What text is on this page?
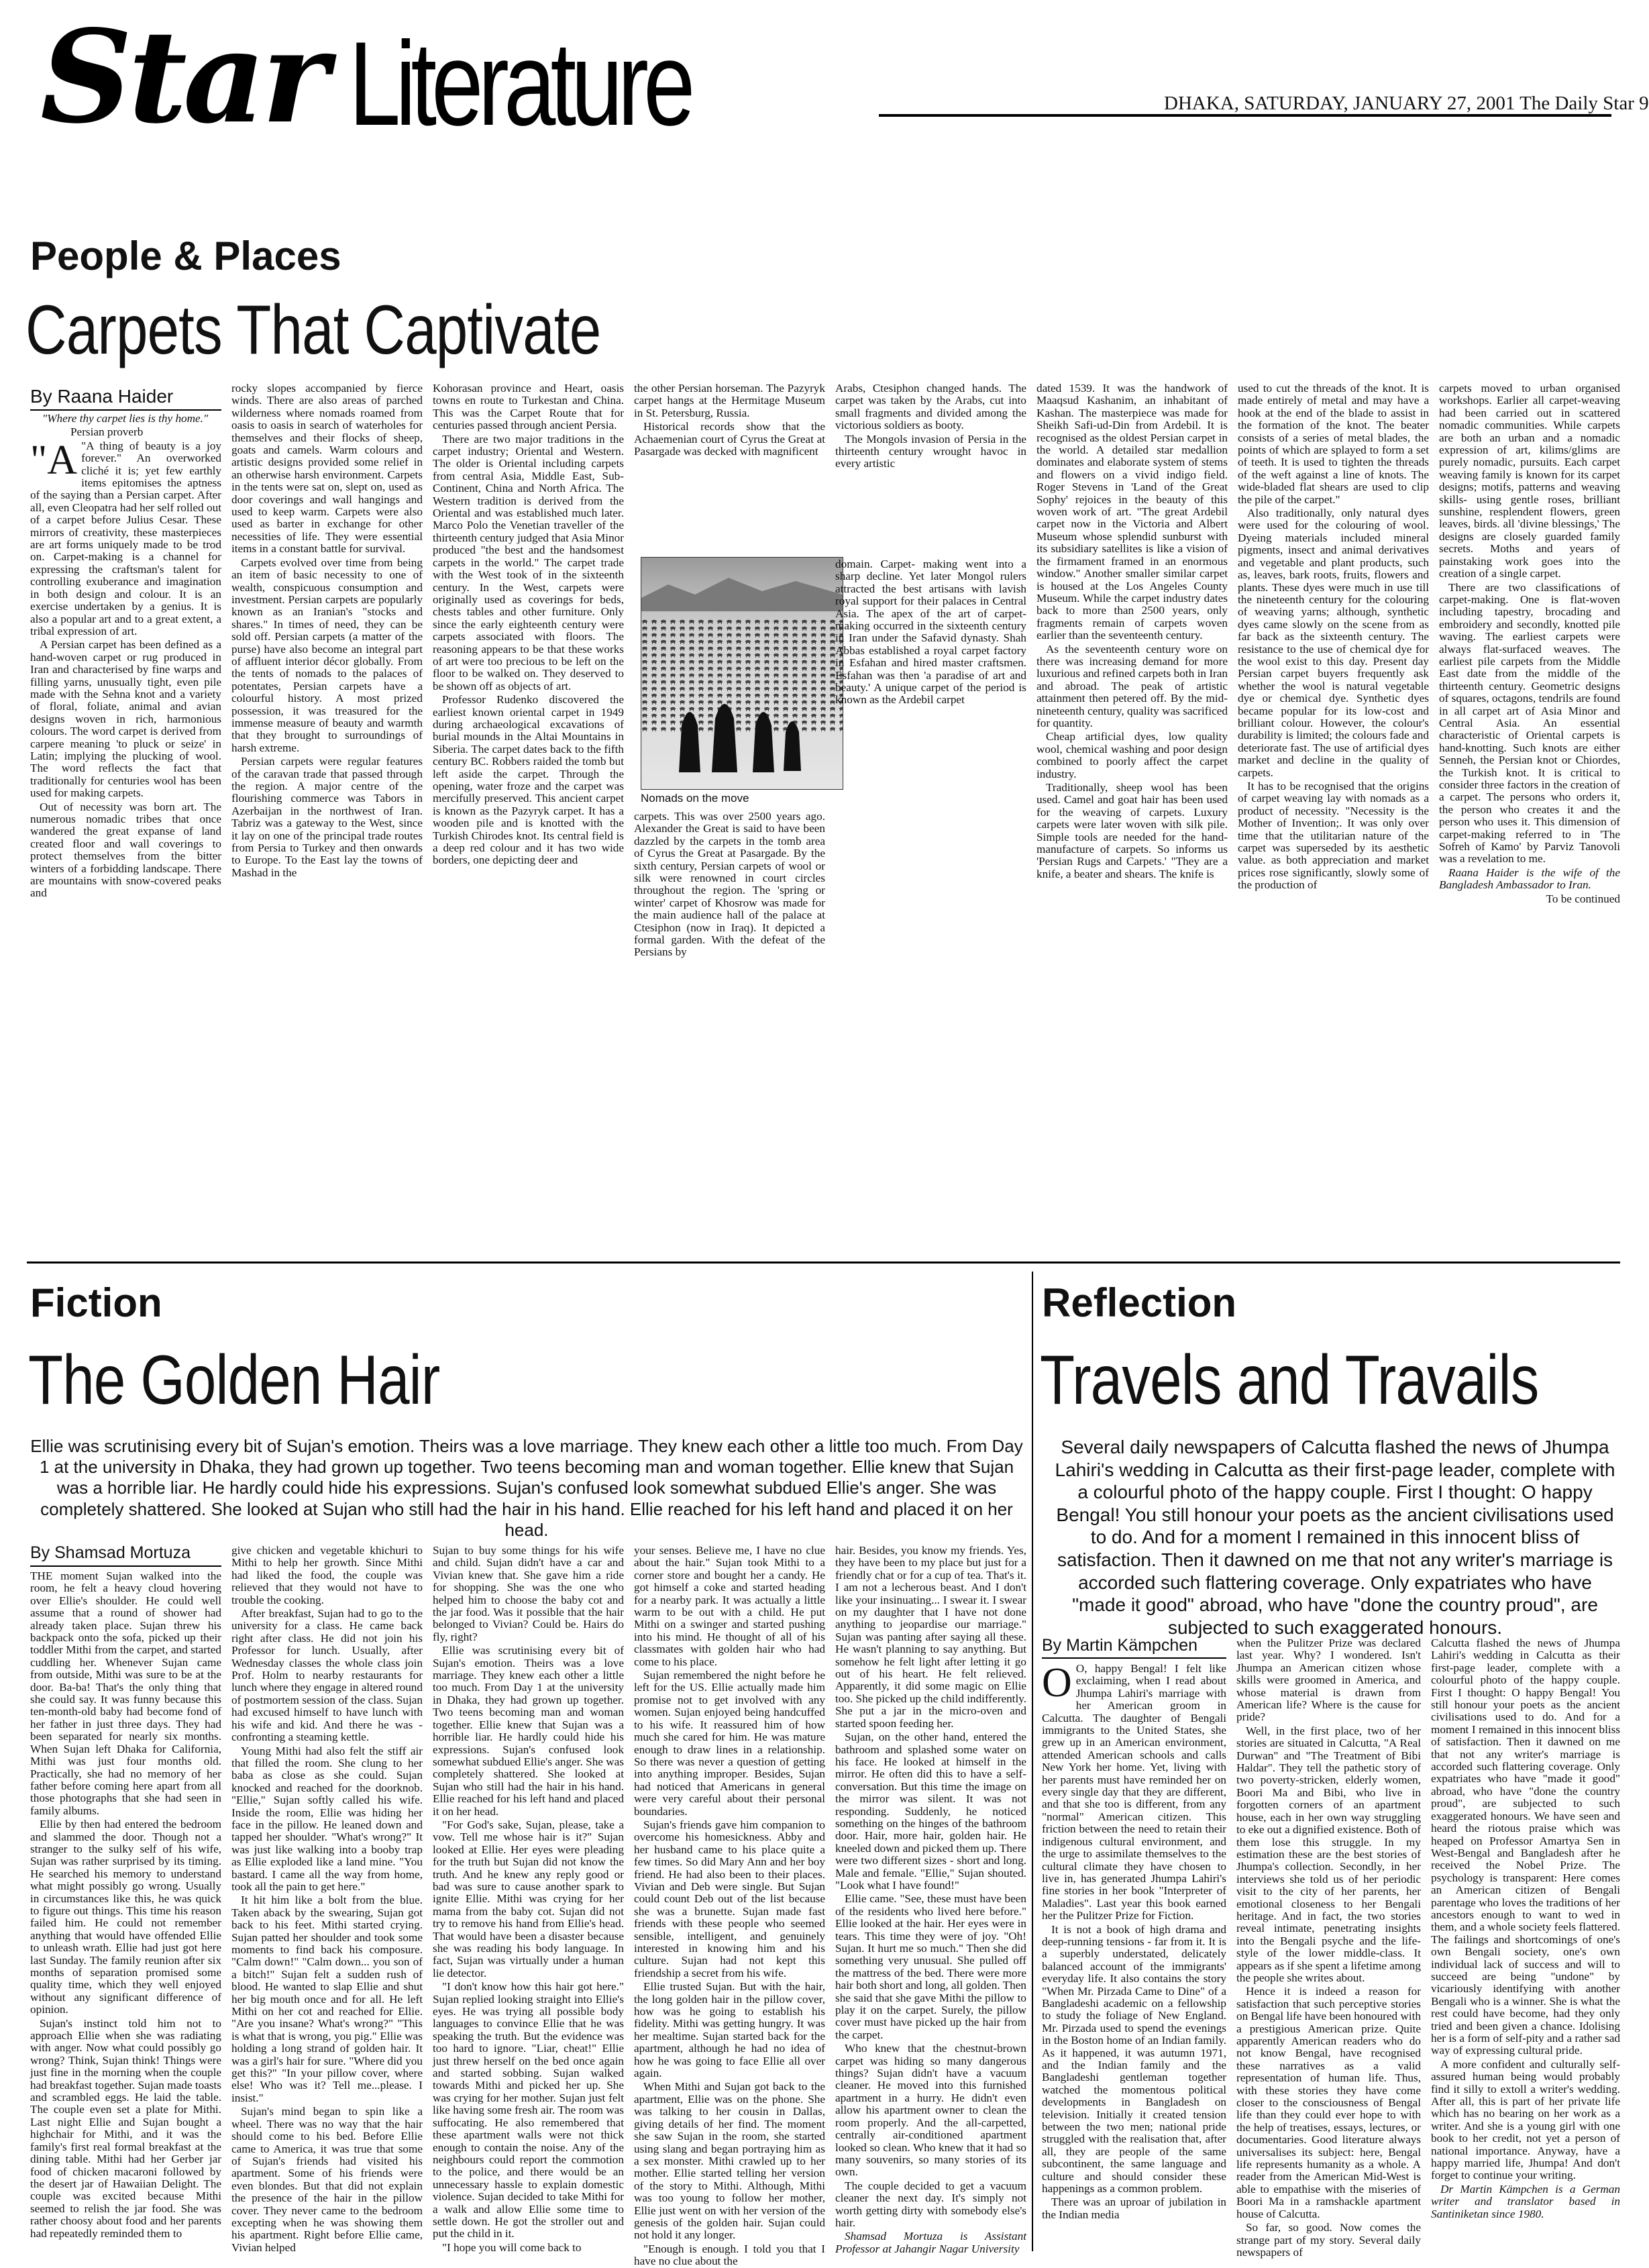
Star Literature	DHAKA, SATURDAY, JANUARY 27, 2001 The Daily Star 9
People & Places
Carpets That Captivate
By Raana Haider

"Where thy carpet lies is thy home."

Persian proverb

"A "A thing of beauty is a joy forever." An overworked cliché it is; yet few earthly items epitomises the aptness of the saying than a Persian carpet. After all, even Cleopatra had her self rolled out of a carpet before Julius Cesar. These mirrors of creativity, these masterpieces are art forms uniquely made to be trod on. Carpet-making is a channel for expressing the craftsman's talent for controlling exuberance and imagination in both design and colour. It is an exercise undertaken by a genius. It is also a popular art and to a great extent, a tribal expression of art.

A Persian carpet has been defined as a hand-woven carpet or rug produced in Iran and characterised by fine warps and filling yarns, unusually tight, even pile made with the Sehna knot and a variety of floral, foliate, animal and avian designs woven in rich, harmonious colours. The word carpet is derived from carpere meaning 'to pluck or seize' in Latin; implying the plucking of wool. The word reflects the fact that traditionally for centuries wool has been used for making carpets.

Out of necessity was born art. The numerous nomadic tribes that once wandered the great expanse of land created floor and wall coverings to protect themselves from the bitter winters of a forbidding landscape. There are mountains with snow-covered peaks and

rocky slopes accompanied by fierce winds. There are also areas of parched wilderness where nomads roamed from oasis to oasis in search of waterholes for themselves and their flocks of sheep, goats and camels. Warm colours and artistic designs provided some relief in an otherwise harsh environment. Carpets in the tents were sat on, slept on, used as door coverings and wall hangings and used to keep warm. Carpets were also used as barter in exchange for other necessities of life. They were essential items in a constant battle for survival.

Carpets evolved over time from being an item of basic necessity to one of wealth, conspicuous consumption and investment. Persian carpets are popularly known as an Iranian's "stocks and shares." In times of need, they can be sold off. Persian carpets (a matter of the purse) have also become an integral part of affluent interior décor globally. From the tents of nomads to the palaces of potentates, Persian carpets have a colourful history. A most prized possession, it was treasured for the immense measure of beauty and warmth that they brought to surroundings of harsh extreme.

Persian carpets were regular features of the caravan trade that passed through the region. A major centre of the flourishing commerce was Tabors in Azerbaijan in the northwest of Iran. Tabriz was a gateway to the West, since it lay on one of the principal trade routes from Persia to Turkey and then onwards to Europe. To the East lay the towns of Mashad in the

Kohorasan province and Heart, oasis towns en route to Turkestan and China. This was the Carpet Route that for centuries passed through ancient Persia.

There are two major traditions in the carpet industry; Oriental and Western. The older is Oriental including carpets from central Asia, Middle East, Sub-Continent, China and North Africa. The Western tradition is derived from the Oriental and was established much later. Marco Polo the Venetian traveller of the thirteenth century judged that Asia Minor produced "the best and the handsomest carpets in the world." The carpet trade with the West took of in the sixteenth century. In the West, carpets were originally used as coverings for beds, chests tables and other furniture. Only since the early eighteenth century were carpets associated with floors. The reasoning appears to be that these works of art were too precious to be left on the floor to be walked on. They deserved to be shown off as objects of art.

Professor Rudenko discovered the earliest known oriental carpet in 1949 during archaeological excavations of burial mounds in the Altai Mountains in Siberia. The carpet dates back to the fifth century BC. Robbers raided the tomb but left aside the carpet. Through the opening, water froze and the carpet was mercifully preserved. This ancient carpet is known as the Pazyryk carpet. It has a wooden pile and is knotted with the Turkish Chirodes knot. Its central field is a deep red colour and it has two wide borders, one depicting deer and

the other Persian horseman. The Pazyryk carpet hangs at the Hermitage Museum in St. Petersburg, Russia.

Historical records show that the Achaemenian court of Cyrus the Great at Pasargade was decked with magnificent

Arabs, Ctesiphon changed hands. The carpet was taken by the Arabs, cut into small fragments and divided among the victorious soldiers as booty.

The Mongols invasion of Persia in the thirteenth century wrought havoc in every artistic

Nomads on the move

carpets. This was over 2500 years ago. Alexander the Great is said to have been dazzled by the carpets in the tomb area of Cyrus the Great at Pasargade. By the sixth century, Persian carpets of wool or silk were renowned in court circles throughout the region. The 'spring or winter' carpet of Khosrow was made for the main audience hall of the palace at Ctesiphon (now in Iraq). It depicted a formal garden. With the defeat of the Persians by

domain. Carpet- making went into a sharp decline. Yet later Mongol rulers attracted the best artisans with lavish royal support for their palaces in Central Asia. The apex of the art of carpet-making occurred in the sixteenth century in Iran under the Safavid dynasty. Shah Abbas established a royal carpet factory in Esfahan and hired master craftsmen. Esfahan was then 'a paradise of art and beauty.' A unique carpet of the period is known as the Ardebil carpet

dated 1539. It was the handwork of Maaqsud Kashanim, an inhabitant of Kashan. The masterpiece was made for Sheikh Safi-ud-Din from Ardebil. It is recognised as the oldest Persian carpet in the world. A detailed star medallion dominates and elaborate system of stems and flowers on a vivid indigo field. Roger Stevens in 'Land of the Great Sophy' rejoices in the beauty of this woven work of art. "The great Ardebil carpet now in the Victoria and Albert Museum whose splendid sunburst with its subsidiary satellites is like a vision of the firmament framed in an enormous window." Another smaller similar carpet is housed at the Los Angeles County Museum. While the carpet industry dates back to more than 2500 years, only fragments remain of carpets woven earlier than the seventeenth century.

As the seventeenth century wore on there was increasing demand for more luxurious and refined carpets both in Iran and abroad. The peak of artistic attainment then petered off. By the mid-nineteenth century, quality was sacrificed for quantity.

Cheap artificial dyes, low quality wool, chemical washing and poor design combined to poorly affect the carpet industry.

Traditionally, sheep wool has been used. Camel and goat hair has been used for the weaving of carpets. Luxury carpets were later woven with silk pile. Simple tools are needed for the hand-manufacture of carpets. So informs us 'Persian Rugs and Carpets.' "They are a knife, a beater and shears. The knife is

used to cut the threads of the knot. It is made entirely of metal and may have a hook at the end of the blade to assist in the formation of the knot. The beater consists of a series of metal blades, the points of which are splayed to form a set of teeth. It is used to tighten the threads of the weft against a line of knots. The wide-bladed flat shears are used to clip the pile of the carpet."

Also traditionally, only natural dyes were used for the colouring of wool. Dyeing materials included mineral pigments, insect and animal derivatives and vegetable and plant products, such as, leaves, bark roots, fruits, flowers and plants. These dyes were much in use till the nineteenth century for the colouring of weaving yarns; although, synthetic dyes came slowly on the scene from as far back as the sixteenth century. The resistance to the use of chemical dye for the wool exist to this day. Present day Persian carpet buyers frequently ask whether the wool is natural vegetable dye or chemical dye. Synthetic dyes became popular for its low-cost and brilliant colour. However, the colour's durability is limited; the colours fade and deteriorate fast. The use of artificial dyes market and decline in the quality of carpets.

It has to be recognised that the origins of carpet weaving lay with nomads as a product of necessity. "Necessity is the Mother of Invention;. It was only over time that the utilitarian nature of the carpet was superseded by its aesthetic value. as both appreciation and market prices rose significantly, slowly some of the production of

carpets moved to urban organised workshops. Earlier all carpet-weaving had been carried out in scattered nomadic communities. While carpets are both an urban and a nomadic expression of art, kilims/glims are purely nomadic, pursuits. Each carpet weaving family is known for its carpet designs; motifs, patterns and weaving skills- using gentle roses, brilliant sunshine, resplendent flowers, green leaves, birds. all 'divine blessings,' The designs are closely guarded family secrets. Moths and years of painstaking work goes into the creation of a single carpet.

There are two classifications of carpet-making. One is flat-woven including tapestry, brocading and embroidery and secondly, knotted pile waving. The earliest carpets were always flat-surfaced weaves. The earliest pile carpets from the Middle East date from the middle of the thirteenth century. Geometric designs of squares, octagons, tendrils are found in all carpet art of Asia Minor and Central Asia. An essential characteristic of Oriental carpets is hand-knotting. Such knots are either Senneh, the Persian knot or Chiordes, the Turkish knot. It is critical to consider three factors in the creation of a carpet. The persons who orders it, the person who creates it and the person who uses it. This dimension of carpet-making referred to in 'The Sofreh of Kamo' by Parviz Tanovoli was a revelation to me.

Raana Haider is the wife of the Bangladesh Ambassador to Iran.

To be continued

Fiction
The Golden Hair
Ellie was scrutinising every bit of Sujan's emotion. Theirs was a love marriage. They knew each other a little too much. From Day 1 at the university in Dhaka, they had grown up together. Two teens becoming man and woman together. Ellie knew that Sujan was a horrible liar. He hardly could hide his expressions. Sujan's confused look somewhat subdued Ellie's anger. She was completely shattered. She looked at Sujan who still had the hair in his hand. Ellie reached for his left hand and placed it on her head.
By Shamsad Mortuza

THE moment Sujan walked into the room, he felt a heavy cloud hovering over Ellie's shoulder. He could well assume that a round of shower had already taken place. Sujan threw his backpack onto the sofa, picked up their toddler Mithi from the carpet, and started cuddling her. Whenever Sujan came from outside, Mithi was sure to be at the door. Ba-ba! That's the only thing that she could say. It was funny because this ten-month-old baby had become fond of her father in just three days. They had been separated for nearly six months. When Sujan left Dhaka for California, Mithi was just four months old. Practically, she had no memory of her father before coming here apart from all those photographs that she had seen in family albums.

Ellie by then had entered the bedroom and slammed the door. Though not a stranger to the sulky self of his wife, Sujan was rather surprised by its timing. He searched his memory to understand what might possibly go wrong. Usually in circumstances like this, he was quick to figure out things. This time his reason failed him. He could not remember anything that would have offended Ellie to unleash wrath. Ellie had just got here last Sunday. The family reunion after six months of separation promised some quality time, which they well enjoyed without any significant difference of opinion.

Sujan's instinct told him not to approach Ellie when she was radiating with anger. Now what could possibly go wrong? Think, Sujan think! Things were just fine in the morning when the couple had breakfast together. Sujan made toasts and scrambled eggs. He laid the table. The couple even set a plate for Mithi. Last night Ellie and Sujan bought a highchair for Mithi, and it was the family's first real formal breakfast at the dining table. Mithi had her Gerber jar food of chicken macaroni followed by the desert jar of Hawaiian Delight. The couple was excited because Mithi seemed to relish the jar food. She was rather choosy about food and her parents had repeatedly reminded them to

give chicken and vegetable khichuri to Mithi to help her growth. Since Mithi had liked the food, the couple was relieved that they would not have to trouble the cooking.

After breakfast, Sujan had to go to the university for a class. He came back right after class. He did not join his Professor for lunch. Usually, after Wednesday classes the whole class join Prof. Holm to nearby restaurants for lunch where they engage in altered round of postmortem session of the class. Sujan had excused himself to have lunch with his wife and kid. And there he was - confronting a steaming kettle.

Young Mithi had also felt the stiff air that filled the room. She clung to her baba as close as she could. Sujan knocked and reached for the doorknob. "Ellie," Sujan softly called his wife. Inside the room, Ellie was hiding her face in the pillow. He leaned down and tapped her shoulder. "What's wrong?" It was just like walking into a booby trap as Ellie exploded like a land mine. "You bastard. I came all the way from home, took all the pain to get here."

It hit him like a bolt from the blue. Taken aback by the swearing, Sujan got back to his feet. Mithi started crying. Sujan patted her shoulder and took some moments to find back his composure. "Calm down!" "Calm down... you son of a bitch!" Sujan felt a sudden rush of blood. He wanted to slap Ellie and shut her big mouth once and for all. He left Mithi on her cot and reached for Ellie. "Are you insane? What's wrong?" "This is what that is wrong, you pig." Ellie was holding a long strand of golden hair. It was a girl's hair for sure. "Where did you get this?" "In your pillow cover, where else! Who was it? Tell me...please. I insist."

Sujan's mind began to spin like a wheel. There was no way that the hair should come to his bed. Before Ellie came to America, it was true that some of Sujan's friends had visited his apartment. Some of his friends were even blondes. But that did not explain the presence of the hair in the pillow cover. They never came to the bedroom excepting when he was showing them his apartment. Right before Ellie came, Vivian helped

Sujan to buy some things for his wife and child. Sujan didn't have a car and Vivian knew that. She gave him a ride for shopping. She was the one who helped him to choose the baby cot and the jar food. Was it possible that the hair belonged to Vivian? Could be. Hairs do fly, right?

Ellie was scrutinising every bit of Sujan's emotion. Theirs was a love marriage. They knew each other a little too much. From Day 1 at the university in Dhaka, they had grown up together. Two teens becoming man and woman together. Ellie knew that Sujan was a horrible liar. He hardly could hide his expressions. Sujan's confused look somewhat subdued Ellie's anger. She was completely shattered. She looked at Sujan who still had the hair in his hand. Ellie reached for his left hand and placed it on her head.

"For God's sake, Sujan, please, take a vow. Tell me whose hair is it?" Sujan looked at Ellie. Her eyes were pleading for the truth but Sujan did not know the truth. And he knew any reply good or bad was sure to cause another spark to ignite Ellie. Mithi was crying for her mama from the baby cot. Sujan did not try to remove his hand from Ellie's head. That would have been a disaster because she was reading his body language. In fact, Sujan was virtually under a human lie detector.

"I don't know how this hair got here." Sujan replied looking straight into Ellie's eyes. He was trying all possible body languages to convince Ellie that he was speaking the truth. But the evidence was too hard to ignore. "Liar, cheat!" Ellie just threw herself on the bed once again and started sobbing. Sujan walked towards Mithi and picked her up. She was crying for her mother. Sujan just felt like having some fresh air. The room was suffocating. He also remembered that these apartment walls were not thick enough to contain the noise. Any of the neighbours could report the commotion to the police, and there would be an unnecessary hassle to explain domestic violence. Sujan decided to take Mithi for a walk and allow Ellie some time to settle down. He got the stroller out and put the child in it.

"I hope you will come back to

your senses. Believe me, I have no clue about the hair." Sujan took Mithi to a corner store and bought her a candy. He got himself a coke and started heading for a nearby park. It was actually a little warm to be out with a child. He put Mithi on a swinger and started pushing into his mind. He thought of all of his classmates with golden hair who had come to his place.

Sujan remembered the night before he left for the US. Ellie actually made him promise not to get involved with any women. Sujan enjoyed being handcuffed to his wife. It reassured him of how much she cared for him. He was mature enough to draw lines in a relationship. So there was never a question of getting into anything improper. Besides, Sujan had noticed that Americans in general were very careful about their personal boundaries.

Sujan's friends gave him companion to overcome his homesickness. Abby and her husband came to his place quite a few times. So did Mary Ann and her boy friend. He had also been to their places. Vivian and Deb were single. But Sujan could count Deb out of the list because she was a brunette. Sujan made fast friends with these people who seemed sensible, intelligent, and genuinely interested in knowing him and his culture. Sujan had not kept this friendship a secret from his wife.

Ellie trusted Sujan. But with the hair, the long golden hair in the pillow cover, how was he going to establish his fidelity. Mithi was getting hungry. It was her mealtime. Sujan started back for the apartment, although he had no idea of how he was going to face Ellie all over again.

When Mithi and Sujan got back to the apartment, Ellie was on the phone. She was talking to her cousin in Dallas, giving details of her find. The moment she saw Sujan in the room, she started using slang and began portraying him as a sex monster. Mithi crawled up to her mother. Ellie started telling her version of the story to Mithi. Although, Mithi was too young to follow her mother, Ellie just went on with her version of the genesis of the golden hair. Sujan could not hold it any longer.

"Enough is enough. I told you that I have no clue about the

hair. Besides, you know my friends. Yes, they have been to my place but just for a friendly chat or for a cup of tea. That's it. I am not a lecherous beast. And I don't like your insinuating... I swear it. I swear on my daughter that I have not done anything to jeopardise our marriage." Sujan was panting after saying all these. He wasn't planning to say anything. But somehow he felt light after letting it go out of his heart. He felt relieved. Apparently, it did some magic on Ellie too. She picked up the child indifferently. She put a jar in the micro-oven and started spoon feeding her.

Sujan, on the other hand, entered the bathroom and splashed some water on his face. He looked at himself in the mirror. He often did this to have a self-conversation. But this time the image on the mirror was silent. It was not responding. Suddenly, he noticed something on the hinges of the bathroom door. Hair, more hair, golden hair. He kneeled down and picked them up. There were two different sizes - short and long. Male and female. "Ellie," Sujan shouted. "Look what I have found!"

Ellie came. "See, these must have been of the residents who lived here before." Ellie looked at the hair. Her eyes were in tears. This time they were of joy. "Oh! Sujan. It hurt me so much." Then she did something very unusual. She pulled off the mattress of the bed. There were more hair both short and long, all golden. Then she said that she gave Mithi the pillow to play it on the carpet. Surely, the pillow cover must have picked up the hair from the carpet.

Who knew that the chestnut-brown carpet was hiding so many dangerous things? Sujan didn't have a vacuum cleaner. He moved into this furnished apartment in a hurry. He didn't even allow his apartment owner to clean the room properly. And the all-carpetted, centrally air-conditioned apartment looked so clean. Who knew that it had so many souvenirs, so many stories of its own.

The couple decided to get a vacuum cleaner the next day. It's simply not worth getting dirty with somebody else's hair.

Shamsad Mortuza is Assistant Professor at Jahangir Nagar University

Reflection
Travels and Travails
Several daily newspapers of Calcutta flashed the news of Jhumpa Lahiri's wedding in Calcutta as their first-page leader, complete with a colourful photo of the happy couple. First I thought: O happy Bengal! You still honour your poets as the ancient civilisations used to do. And for a moment I remained in this innocent bliss of satisfaction. Then it dawned on me that not any writer's marriage is accorded such flattering coverage. Only expatriates who have "made it good" abroad, who have "done the country proud", are subjected to such exaggerated honours.
By Martin Kämpchen

O O, happy Bengal! I felt like exclaiming, when I read about Jhumpa Lahiri's marriage with her American groom in Calcutta. The daughter of Bengali immigrants to the United States, she grew up in an American environment, attended American schools and calls New York her home. Yet, living with her parents must have reminded her on every single day that they are different, and that she too is different, from any "normal" American citizen. This friction between the need to retain their indigenous cultural environment, and the urge to assimilate themselves to the cultural climate they have chosen to live in, has generated Jhumpa Lahiri's fine stories in her book "Interpreter of Maladies". Last year this book earned her the Pulitzer Prize for Fiction.

It is not a book of high drama and deep-running tensions - far from it. It is a superbly understated, delicately balanced account of the immigrants' everyday life. It also contains the story "When Mr. Pirzada Came to Dine" of a Bangladeshi academic on a fellowship to study the foliage of New England. Mr. Pirzada used to spend the evenings in the Boston home of an Indian family. As it happened, it was autumn 1971, and the Indian family and the Bangladeshi gentleman together watched the momentous political developments in Bangladesh on television. Initially it created tension between the two men; national pride struggled with the realisation that, after all, they are people of the same subcontinent, the same language and culture and should consider these happenings as a common problem.

There was an uproar of jubilation in the Indian media

when the Pulitzer Prize was declared last year. Why? I wondered. Isn't Jhumpa an American citizen whose skills were groomed in America, and whose material is drawn from American life? Where is the cause for pride?

Well, in the first place, two of her stories are situated in Calcutta, "A Real Durwan" and "The Treatment of Bibi Haldar". They tell the pathetic story of two poverty-stricken, elderly women, Boori Ma and Bibi, who live in forgotten corners of an apartment house, each in her own way struggling to eke out a dignified existence. Both of them lose this struggle. In my estimation these are the best stories of Jhumpa's collection. Secondly, in her interviews she told us of her periodic visit to the city of her parents, her emotional closeness to her Bengali heritage. And in fact, the two stories reveal intimate, penetrating insights into the Bengali psyche and the life-style of the lower middle-class. It appears as if she spent a lifetime among the people she writes about.

Hence it is indeed a reason for satisfaction that such perceptive stories on Bengal life have been honoured with a prestigious American prize. Quite apparently American readers who do not know Bengal, have recognised these narratives as a valid representation of human life. Thus, with these stories they have come closer to the consciousness of Bengal life than they could ever hope to with the help of treatises, essays, lectures, or documentaries. Good literature always universalises its subject: here, Bengal life represents humanity as a whole. A reader from the American Mid-West is able to empathise with the miseries of Boori Ma in a ramshackle apartment house of Calcutta.

So far, so good. Now comes the strange part of my story. Several daily newspapers of

Calcutta flashed the news of Jhumpa Lahiri's wedding in Calcutta as their first-page leader, complete with a colourful photo of the happy couple. First I thought: O happy Bengal! You still honour your poets as the ancient civilisations used to do. And for a moment I remained in this innocent bliss of satisfaction. Then it dawned on me that not any writer's marriage is accorded such flattering coverage. Only expatriates who have "made it good" abroad, who have "done the country proud", are subjected to such exaggerated honours. We have seen and heard the riotous praise which was heaped on Professor Amartya Sen in West-Bengal and Bangladesh after he received the Nobel Prize. The psychology is transparent: Here comes an American citizen of Bengali parentage who loves the traditions of her ancestors enough to want to wed in them, and a whole society feels flattered. The failings and shortcomings of one's own Bengali society, one's own individual lack of success and will to succeed are being "undone" by vicariously identifying with another Bengali who is a winner. She is what the rest could have become, had they only tried and been given a chance. Idolising her is a form of self-pity and a rather sad way of expressing cultural pride.

A more confident and culturally self-assured human being would probably find it silly to extoll a writer's wedding. After all, this is part of her private life which has no bearing on her work as a writer. And she is a young girl with one book to her credit, not yet a person of national importance. Anyway, have a happy married life, Jhumpa! And don't forget to continue your writing.

Dr Martin Kämpchen is a German writer and translator based in Santiniketan since 1980.
